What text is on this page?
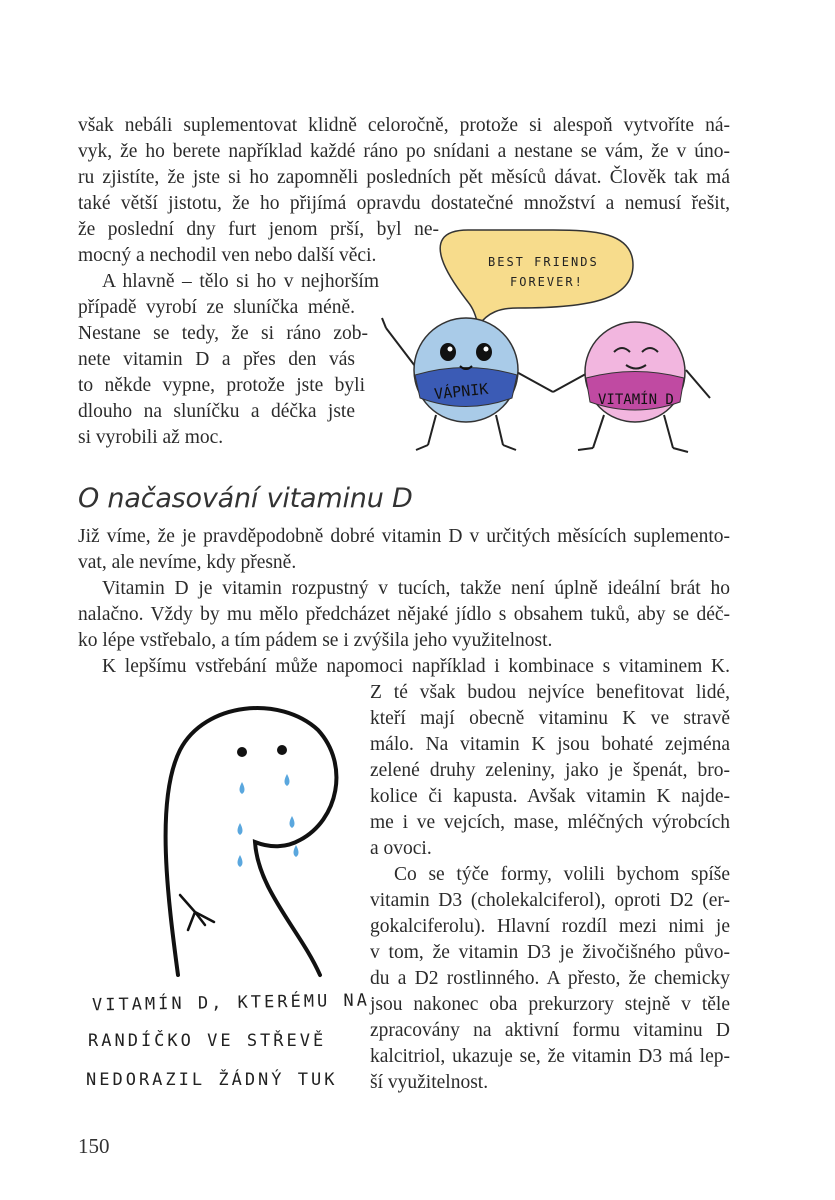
však nebáli suplementovat klidně celoročně, protože si alespoň vytvoříte ná-
vyk, že ho berete například každé ráno po snídani a nestane se vám, že v úno-
ru zjistíte, že jste si ho zapomněli posledních pět měsíců dávat. Člověk tak má
také větší jistotu, že ho přijímá opravdu dostatečné množství a nemusí řešit,
že poslední dny furt jenom prší, byl ne-
mocný a nechodil ven nebo další věci.
A hlavně – tělo si ho v nejhorším
případě vyrobí ze sluníčka méně.
Nestane se tedy, že si ráno zob-
nete vitamin D a přes den vás
to někde vypne, protože jste byli
dlouho na sluníčku a déčka jste
si vyrobili až moc.
BEST FRIENDS
FOREVER!
VÁPNIK	VITAMÍN D
O načasování vitaminu D
Již víme, že je pravděpodobně dobré vitamin D v určitých měsících suplemento-
vat, ale nevíme, kdy přesně.
Vitamin D je vitamin rozpustný v tucích, takže není úplně ideální brát ho
nalačno. Vždy by mu mělo předcházet nějaké jídlo s obsahem tuků, aby se déč-
ko lépe vstřebalo, a tím pádem se i zvýšila jeho využitelnost.
K lepšímu vstřebání může napomoci například i kombinace s vitaminem K.
Z té však budou nejvíce benefitovat lidé,
kteří mají obecně vitaminu K ve stravě
málo. Na vitamin K jsou bohaté zejména
zelené druhy zeleniny, jako je špenát, bro-
kolice či kapusta. Avšak vitamin K najde-
me i ve vejcích, mase, mléčných výrobcích
a ovoci.
Co se týče formy, volili bychom spíše
vitamin D3 (cholekalciferol), oproti D2 (er-
gokalciferolu). Hlavní rozdíl mezi nimi je
v tom, že vitamin D3 je živočišného půvo-
du a D2 rostlinného. A přesto, že chemicky
jsou nakonec oba prekurzory stejně v těle
zpracovány na aktivní formu vitaminu D
kalcitriol, ukazuje se, že vitamin D3 má lep-
ší využitelnost.
VITAMÍN D, KTERÉMU NA
RANDÍČKO VE STŘEVĚ
NEDORAZIL ŽÁDNÝ TUK
150
